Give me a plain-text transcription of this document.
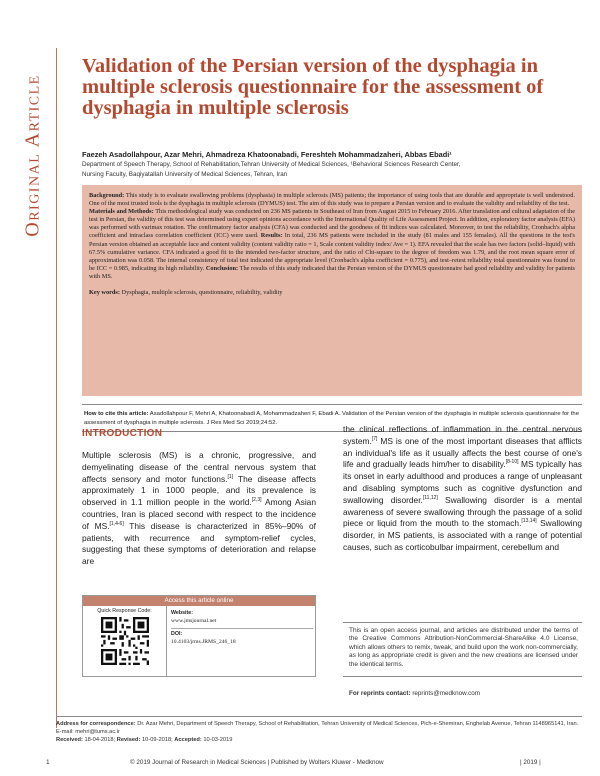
Original Article
Validation of the Persian version of the dysphagia in multiple sclerosis questionnaire for the assessment of dysphagia in multiple sclerosis
Faezeh Asadollahpour, Azar Mehri, Ahmadreza Khatoonabadi, Fereshteh Mohammadzaheri, Abbas Ebadi¹
Department of Speech Therapy, School of Rehabilitation,Tehran University of Medical Sciences, ¹Behavioral Sciences Research Center,
Nursing Faculty, Baqiyatallah University of Medical Sciences, Tehran, Iran

Background: This study is to evaluate swallowing problems (dysphasia) in multiple sclerosis (MS) patients; the importance of using tools that are durable and appropriate is well understood. One of the most trusted tools is the dysphagia in multiple sclerosis (DYMUS) test. The aim of this study was to prepare a Persian version and to evaluate the validity and reliability of the test.
Materials and Methods: This methodological study was conducted on 236 MS patients in Southeast of Iran from August 2015 to February 2016. After translation and cultural adaptation of the test in Persian, the validity of this test was determined using expert opinions accordance with the International Quality of Life Assessment Project. In addition, exploratory factor analysis (EFA) was performed with varimax rotation. The confirmatory factor analysis (CFA) was conducted and the goodness of fit indices was calculated. Moreover, to test the reliability, Cronbach's alpha coefficient and intraclass correlation coefficient (ICC) were used. Results: In total, 236 MS patients were included in the study (81 males and 155 females). All the questions in the test's Persian version obtained an acceptable face and content validity (content validity ratio = 1, Scale content validity index/ Ave = 1). EFA revealed that the scale has two factors (solid–liquid) with 67.5% cumulative variance. CFA indicated a good fit to the intended two-factor structure, and the ratio of Chi-square to the degree of freedom was 1.79, and the root mean square error of approximation was 0.058. The internal consistency of total test indicated the appropriate level (Cronbach's alpha coefficient = 0.775), and test–retest reliability total questionnaire was found to be ICC = 0.985, indicating its high reliability. Conclusion: The results of this study indicated that the Persian version of the DYMUS questionnaire had good reliability and validity for patients with MS.

Key words: Dysphagia, multiple sclerosis, questionnaire, reliability, validity

How to cite this article: Asadollahpour F, Mehri A, Khatoonabadi A, Mohammadzaheri F, Ebadi A. Validation of the Persian version of the dysphagia in multiple sclerosis questionnaire for the assessment of dysphagia in multiple sclerosis. J Res Med Sci 2019;24:52.
INTRODUCTION
Multiple sclerosis (MS) is a chronic, progressive, and demyelinating disease of the central nervous system that affects sensory and motor functions.[1] The disease affects approximately 1 in 1000 people, and its prevalence is observed in 1.1 million people in the world.[2,3] Among Asian countries, Iran is placed second with respect to the incidence of MS.[1,4-6] This disease is characterized in 85%–90% of patients, with recurrence and symptom-relief cycles, suggesting that these symptoms of deterioration and relapse are
the clinical reflections of inflammation in the central nervous system.[7] MS is one of the most important diseases that afflicts an individual's life as it usually affects the best course of one's life and gradually leads him/her to disability.[8-10] MS typically has its onset in early adulthood and produces a range of unpleasant and disabling symptoms such as cognitive dysfunction and swallowing disorder.[11,12] Swallowing disorder is a mental awareness of severe swallowing through the passage of a solid piece or liquid from the mouth to the stomach.[13,14] Swallowing disorder, in MS patients, is associated with a range of potential causes, such as corticobulbar impairment, cerebellum and
Access this article online
Quick Response Code:	Website:
www.jmsjournal.net
DOI:
10.4103/jrms.JRMS_246_18
This is an open access journal, and articles are distributed under the terms of the Creative Commons Attribution-NonCommercial-ShareAlike 4.0 License, which allows others to remix, tweak, and build upon the work non-commercially, as long as appropriate credit is given and the new creations are licensed under the identical terms.
For reprints contact: reprints@medknow.com
Address for correspondence: Dr. Azar Mehri, Department of Speech Therapy, School of Rehabilitation, Tehran University of Medical Sciences, Pich-e-Shemiran, Enghelab Avenue, Tehran 1148965141, Iran. E-mail: mehri@tums.ac.ir
Received: 18-04-2018; Revised: 10-09-2018; Accepted: 10-03-2019
1	© 2019 Journal of Research in Medical Sciences | Published by Wolters Kluwer - Medknow	| 2019 |
